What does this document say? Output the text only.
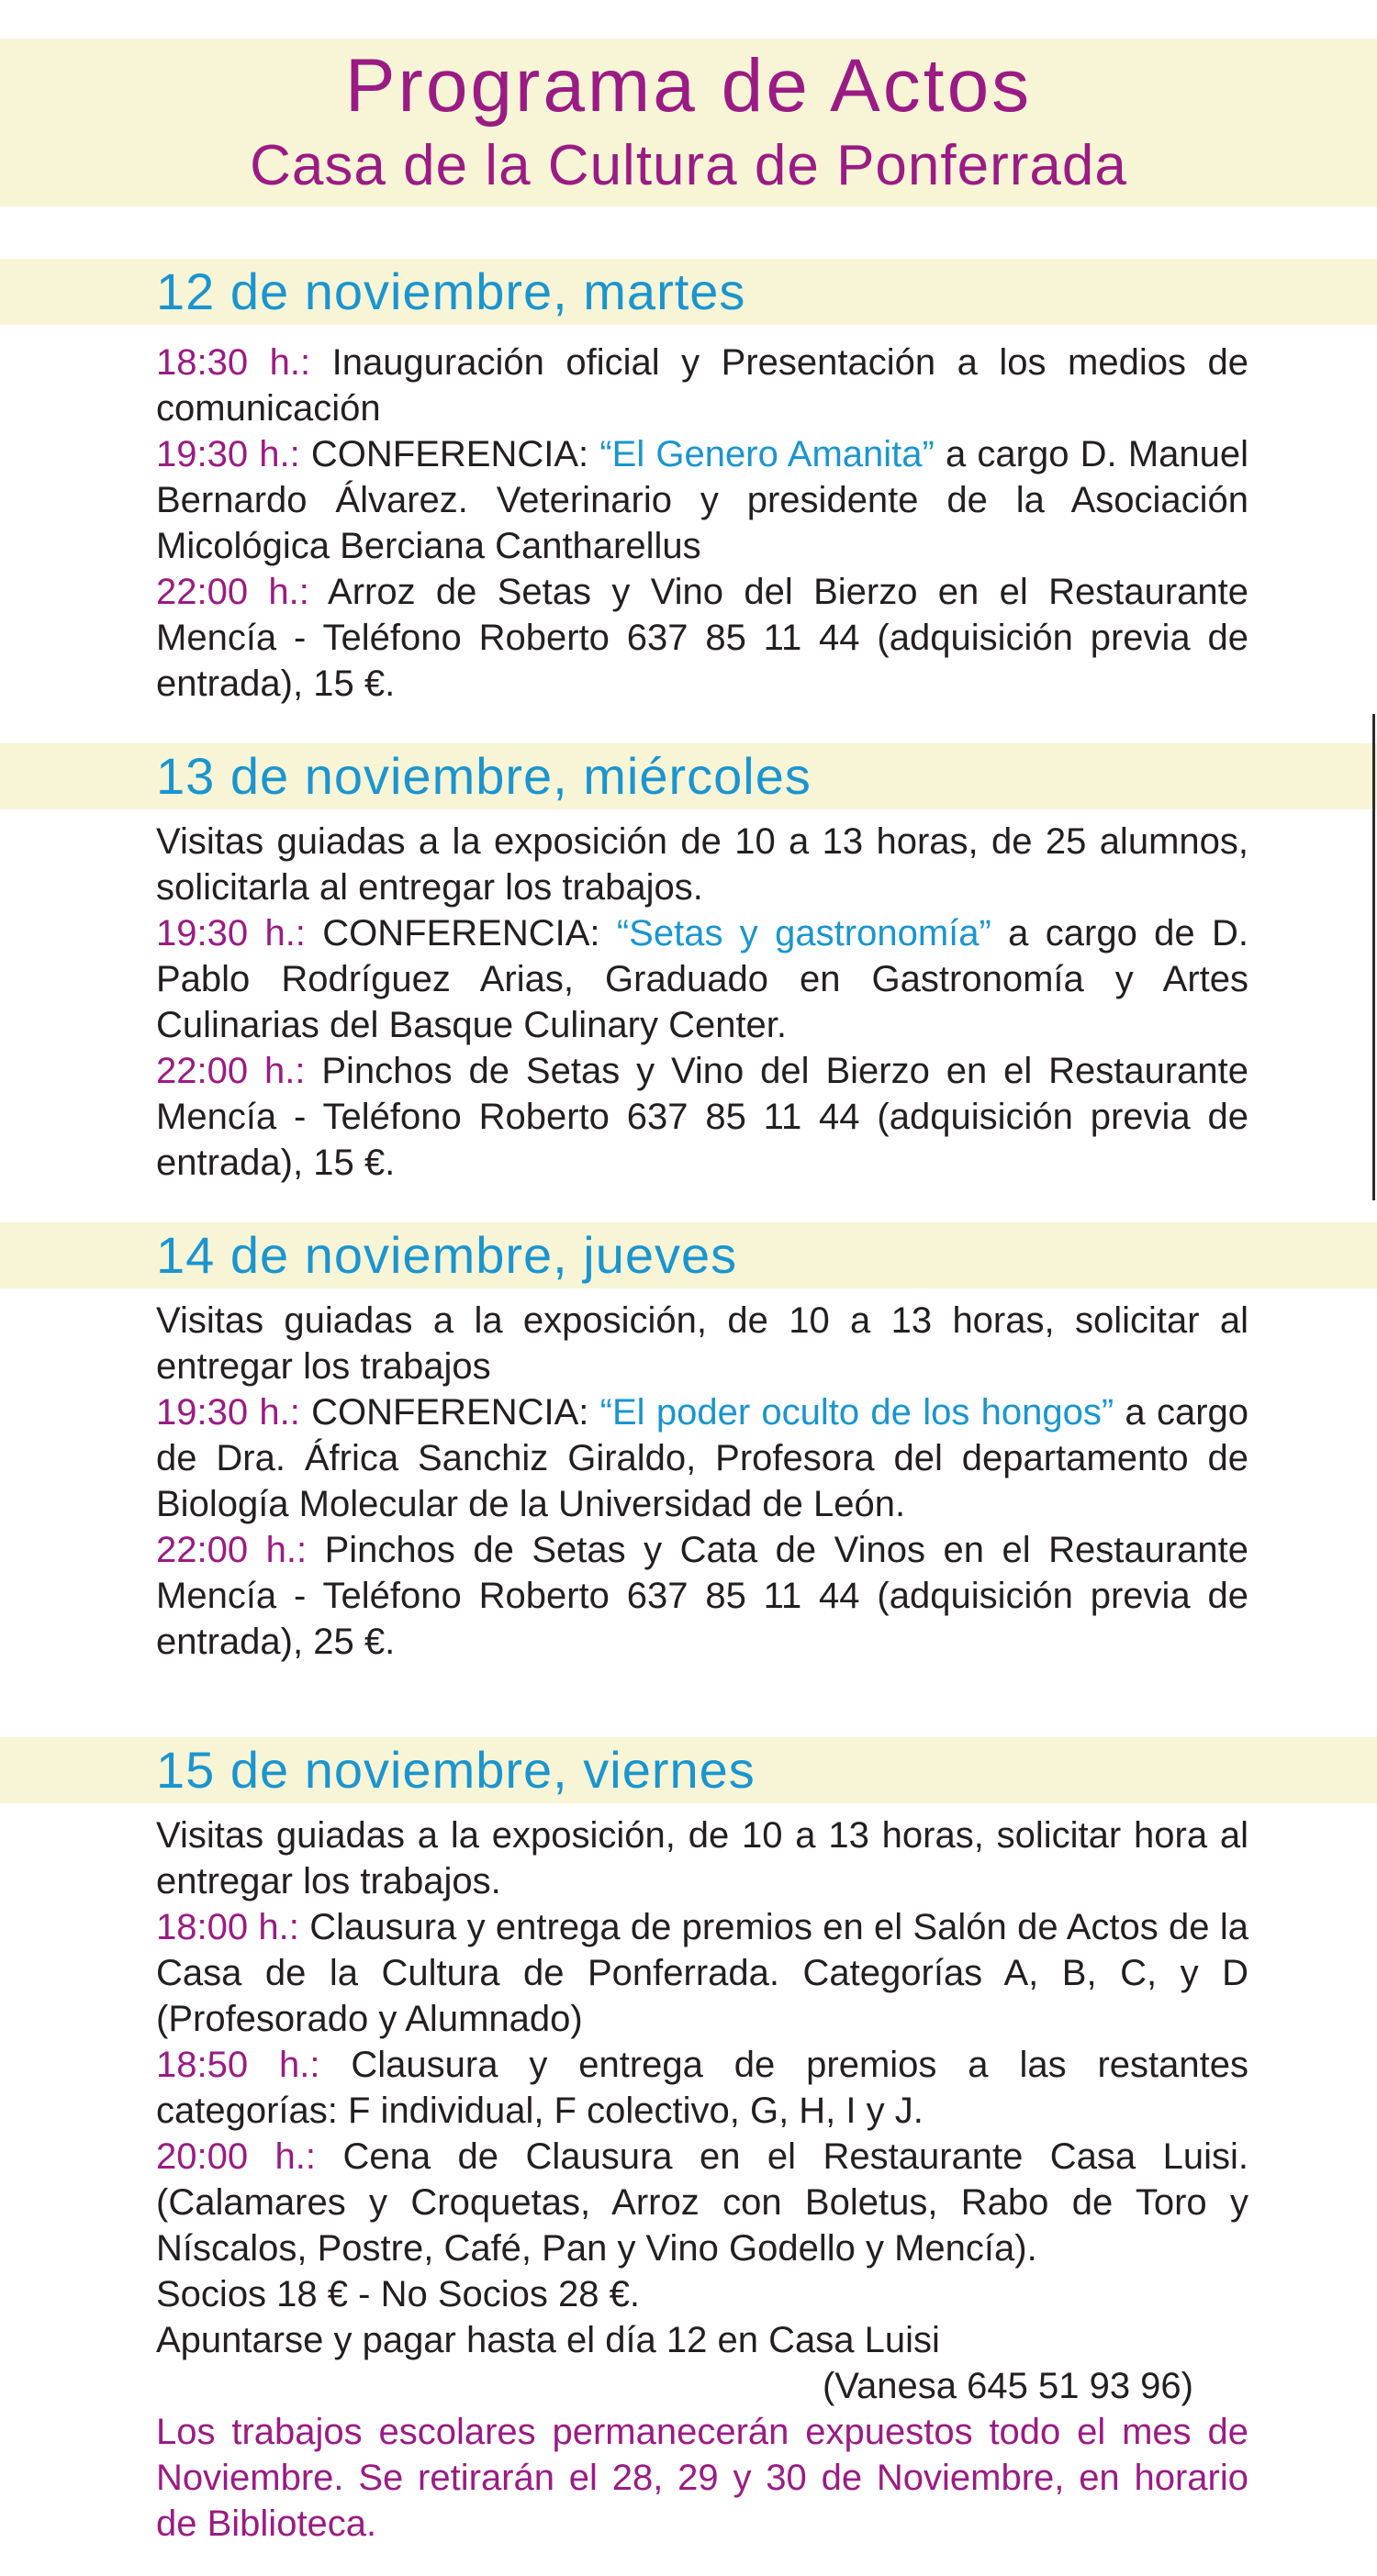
Programa de Actos
Casa de la Cultura de Ponferrada
12 de noviembre, martes

18:30 h.: Inauguración oficial y Presentación a los medios de comunicación

19:30 h.: CONFERENCIA: “El Genero Amanita” a cargo D. Manuel Bernardo Álvarez. Veterinario y presidente de la Asociación Micológica Berciana Cantharellus

22:00 h.: Arroz de Setas y Vino del Bierzo en el Restaurante Mencía - Teléfono Roberto 637 85 11 44 (adquisición previa de entrada), 15 €.

13 de noviembre, miércoles

Visitas guiadas a la exposición de 10 a 13 horas, de 25 alumnos, solicitarla al entregar los trabajos.

19:30 h.: CONFERENCIA: “Setas y gastronomía” a cargo de D. Pablo Rodríguez Arias, Graduado en Gastronomía y Artes Culinarias del Basque Culinary Center.

22:00 h.: Pinchos de Setas y Vino del Bierzo en el Restaurante Mencía - Teléfono Roberto 637 85 11 44 (adquisición previa de entrada), 15 €.

14 de noviembre, jueves

Visitas guiadas a la exposición, de 10 a 13 horas, solicitar al entregar los trabajos

19:30 h.: CONFERENCIA: “El poder oculto de los hongos” a cargo de Dra. África Sanchiz Giraldo, Profesora del departamento de Biología Molecular de la Universidad de León.

22:00 h.: Pinchos de Setas y Cata de Vinos en el Restaurante Mencía - Teléfono Roberto 637 85 11 44 (adquisición previa de entrada), 25 €.

15 de noviembre, viernes

Visitas guiadas a la exposición, de 10 a 13 horas, solicitar hora al entregar los trabajos.

18:00 h.: Clausura y entrega de premios en el Salón de Actos de la Casa de la Cultura de Ponferrada. Categorías A, B, C, y D (Profesorado y Alumnado)

18:50 h.: Clausura y entrega de premios a las restantes categorías: F individual, F colectivo, G, H, I y J.

20:00 h.: Cena de Clausura en el Restaurante Casa Luisi. (Calamares y Croquetas, Arroz con Boletus, Rabo de Toro y Níscalos, Postre, Café, Pan y Vino Godello y Mencía).

Socios 18 € - No Socios 28 €.

Apuntarse y pagar hasta el día 12 en Casa Luisi

(Vanesa 645 51 93 96)

Los trabajos escolares permanecerán expuestos todo el mes de Noviembre. Se retirarán el 28, 29 y 30 de Noviembre, en horario de Biblioteca.
